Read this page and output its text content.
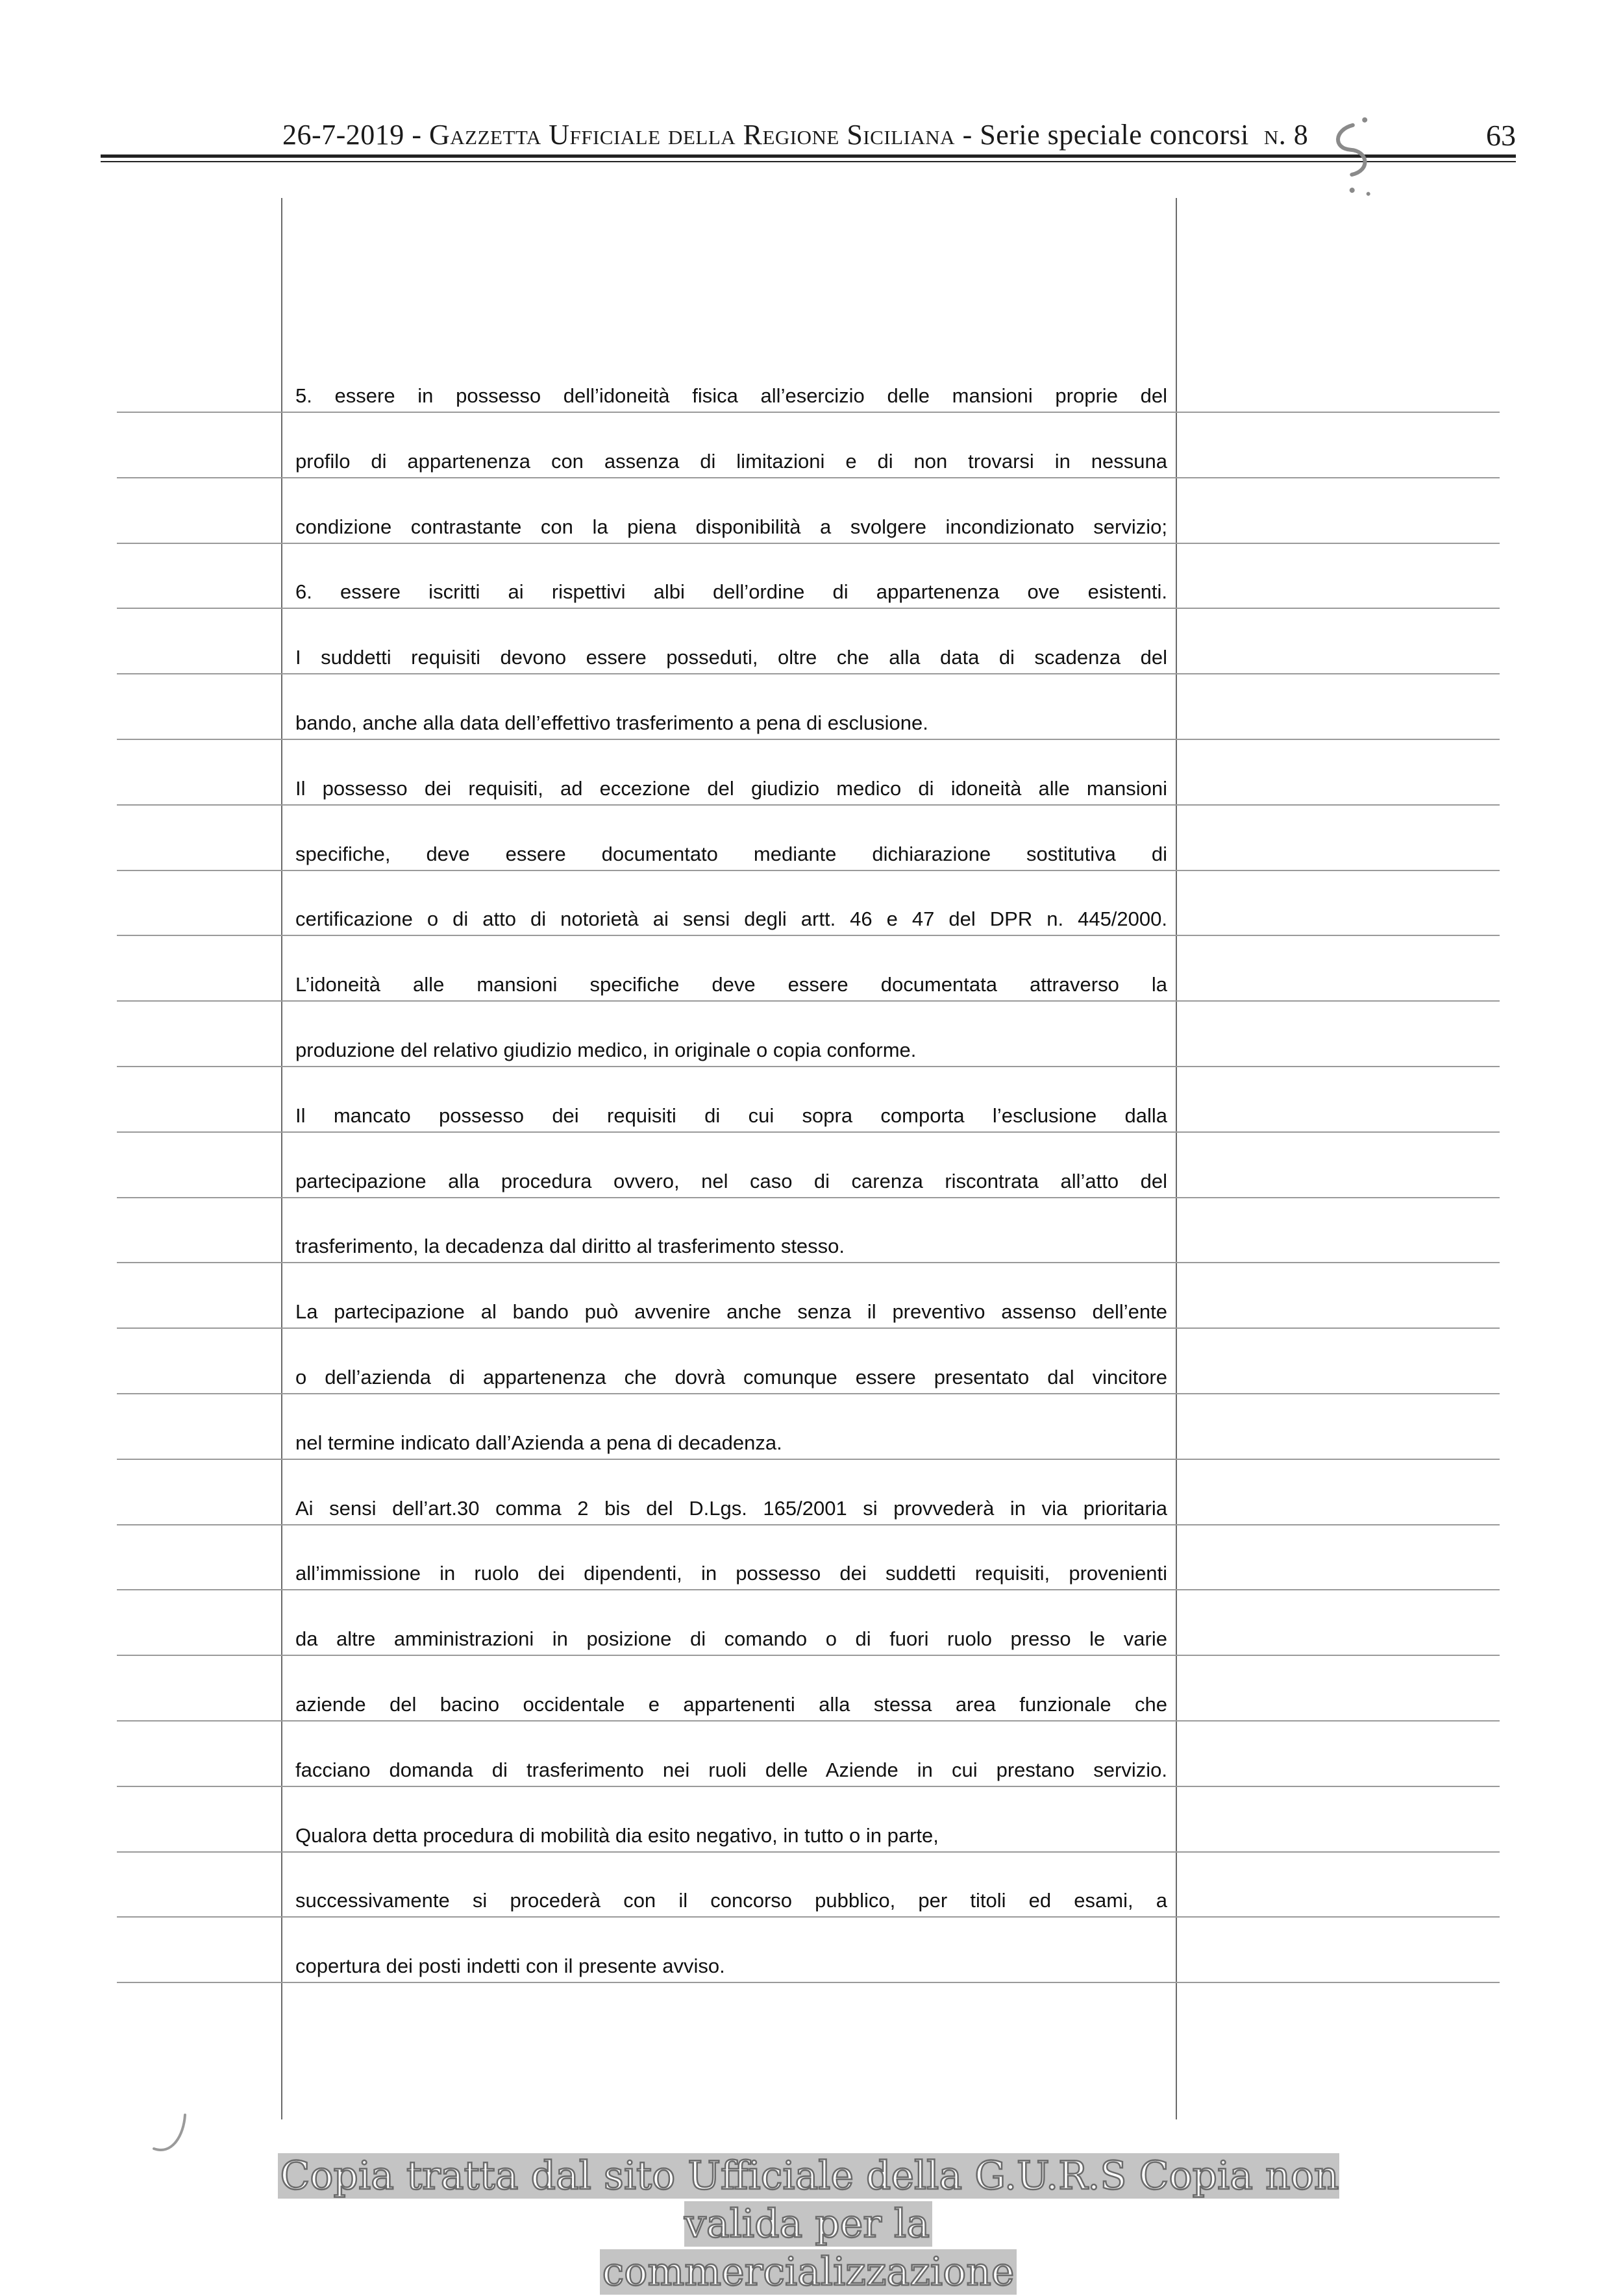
26-7-2019 - Gazzetta Ufficiale della Regione Siciliana - Serie speciale concorsi n. 8	63
5. essere in possesso dell’idoneità fisica all’esercizio delle mansioni proprie del
profilo di appartenenza con assenza di limitazioni e di non trovarsi in nessuna
condizione contrastante con la piena disponibilità a svolgere incondizionato servizio;
6. essere iscritti ai rispettivi albi dell’ordine di appartenenza ove esistenti.
I suddetti requisiti devono essere posseduti, oltre che alla data di scadenza del
bando, anche alla data dell’effettivo trasferimento a pena di esclusione.
Il possesso dei requisiti, ad eccezione del giudizio medico di idoneità alle mansioni
specifiche, deve essere documentato mediante dichiarazione sostitutiva di
certificazione o di atto di notorietà ai sensi degli artt. 46 e 47 del DPR n. 445/2000.
L’idoneità alle mansioni specifiche deve essere documentata attraverso la
produzione del relativo giudizio medico, in originale o copia conforme.
Il mancato possesso dei requisiti di cui sopra comporta l’esclusione dalla
partecipazione alla procedura ovvero, nel caso di carenza riscontrata all’atto del
trasferimento, la decadenza dal diritto al trasferimento stesso.
La partecipazione al bando può avvenire anche senza il preventivo assenso dell’ente
o dell’azienda di appartenenza che dovrà comunque essere presentato dal vincitore
nel termine indicato dall’Azienda a pena di decadenza.
Ai sensi dell’art.30 comma 2 bis del D.Lgs. 165/2001 si provvederà in via prioritaria
all’immissione in ruolo dei dipendenti, in possesso dei suddetti requisiti, provenienti
da altre amministrazioni in posizione di comando o di fuori ruolo presso le varie
aziende del bacino occidentale e appartenenti alla stessa area funzionale che
facciano domanda di trasferimento nei ruoli delle Aziende in cui prestano servizio.
Qualora detta procedura di mobilità dia esito negativo, in tutto o in parte,
successivamente si procederà con il concorso pubblico, per titoli ed esami, a
copertura dei posti indetti con il presente avviso.
Copia tratta dal sito Ufficiale della G.U.R.S Copia non valida per la
commercializzazione
